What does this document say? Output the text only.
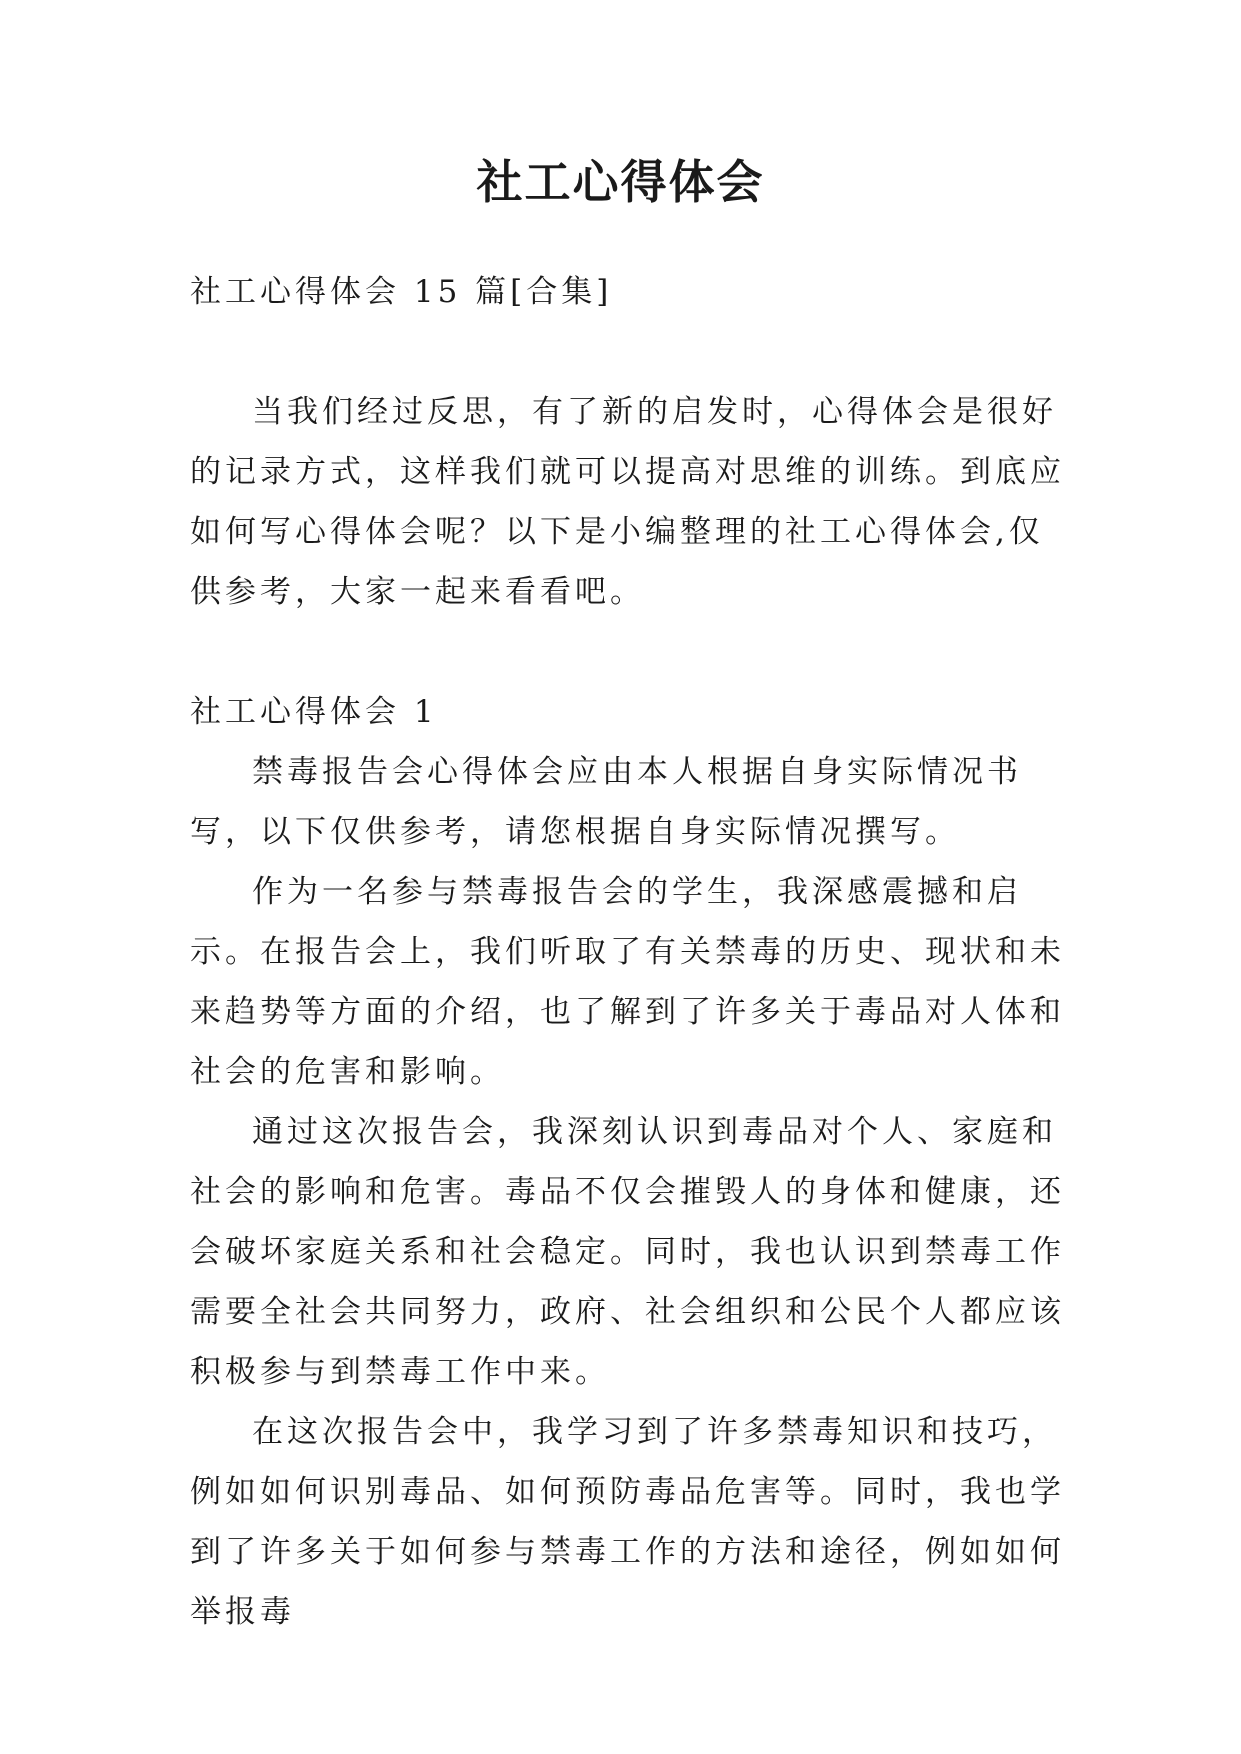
社工心得体会

社工心得体会 15 篇[合集]

当我们经过反思，有了新的启发时，心得体会是很好的记录方式，这样我们就可以提高对思维的训练。到底应如何写心得体会呢？以下是小编整理的社工心得体会,仅供参考，大家一起来看看吧。

社工心得体会 1

禁毒报告会心得体会应由本人根据自身实际情况书写，以下仅供参考，请您根据自身实际情况撰写。

作为一名参与禁毒报告会的学生，我深感震撼和启示。在报告会上，我们听取了有关禁毒的历史、现状和未来趋势等方面的介绍，也了解到了许多关于毒品对人体和社会的危害和影响。

通过这次报告会，我深刻认识到毒品对个人、家庭和社会的影响和危害。毒品不仅会摧毁人的身体和健康，还会破坏家庭关系和社会稳定。同时，我也认识到禁毒工作需要全社会共同努力，政府、社会组织和公民个人都应该积极参与到禁毒工作中来。

在这次报告会中，我学习到了许多禁毒知识和技巧，例如如何识别毒品、如何预防毒品危害等。同时，我也学到了许多关于如何参与禁毒工作的方法和途径，例如如何举报毒
